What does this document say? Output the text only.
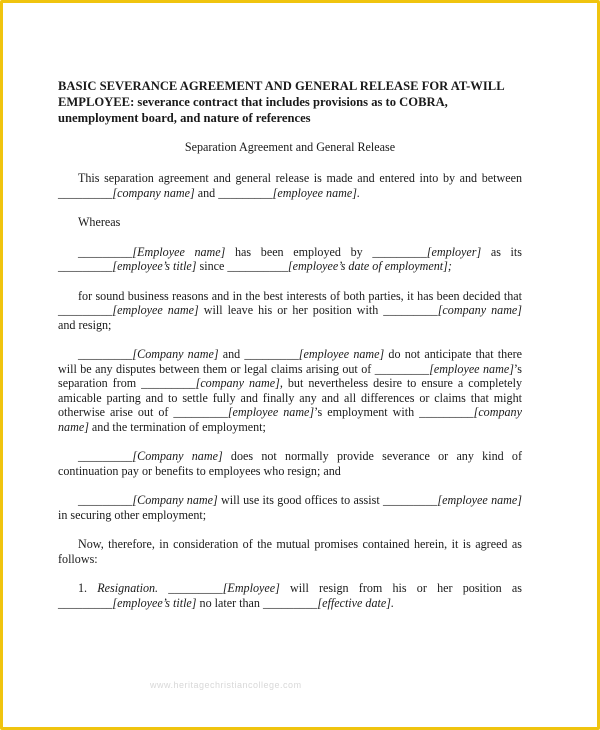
BASIC SEVERANCE AGREEMENT AND GENERAL RELEASE FOR AT-WILL
EMPLOYEE: severance contract that includes provisions as to COBRA,
unemployment board, and nature of references
Separation Agreement and General Release

This separation agreement and general release is made and entered into by and between _________[company name] and _________[employee name].

Whereas

_________[Employee name] has been employed by _________[employer] as its _________[employee’s title] since __________[employee’s date of employment];

for sound business reasons and in the best interests of both parties, it has been decided that _________[employee name] will leave his or her position with _________[company name] and resign;

_________[Company name] and _________[employee name] do not anticipate that there will be any disputes between them or legal claims arising out of _________[employee name]’s separation from _________[company name], but nevertheless desire to ensure a completely amicable parting and to settle fully and finally any and all differences or claims that might otherwise arise out of _________[employee name]’s employment with _________[company name] and the termination of employment;

_________[Company name] does not normally provide severance or any kind of continuation pay or benefits to employees who resign; and

_________[Company name] will use its good offices to assist _________[employee name] in securing other employment;

Now, therefore, in consideration of the mutual promises contained herein, it is agreed as follows:

1. Resignation. _________[Employee] will resign from his or her position as _________[employee’s title] no later than _________[effective date].

www.heritagechristiancollege.com
